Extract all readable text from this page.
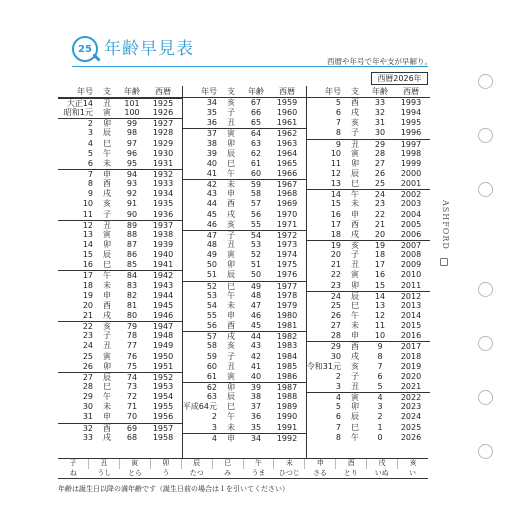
25 年齢早見表
西暦や年号で年や支が早解り。
西暦2026年
年号	支	年齢	西暦
大正14	丑	101	1925
昭和1元	寅	100	1926
2	卯	99	1927
3	辰	98	1928
4	巳	97	1929
5	午	96	1930
6	未	95	1931
7	申	94	1932
8	酉	93	1933
9	戌	92	1934
10	亥	91	1935
11	子	90	1936
12	丑	89	1937
13	寅	88	1938
14	卯	87	1939
15	辰	86	1940
16	巳	85	1941
17	午	84	1942
18	未	83	1943
19	申	82	1944
20	酉	81	1945
21	戌	80	1946
22	亥	79	1947
23	子	78	1948
24	丑	77	1949
25	寅	76	1950
26	卯	75	1951
27	辰	74	1952
28	巳	73	1953
29	午	72	1954
30	未	71	1955
31	申	70	1956
32	酉	69	1957
33	戌	68	1958
年号	支	年齢	西暦
34	亥	67	1959
35	子	66	1960
36	丑	65	1961
37	寅	64	1962
38	卯	63	1963
39	辰	62	1964
40	巳	61	1965
41	午	60	1966
42	未	59	1967
43	申	58	1968
44	酉	57	1969
45	戌	56	1970
46	亥	55	1971
47	子	54	1972
48	丑	53	1973
49	寅	52	1974
50	卯	51	1975
51	辰	50	1976
52	巳	49	1977
53	午	48	1978
54	未	47	1979
55	申	46	1980
56	酉	45	1981
57	戌	44	1982
58	亥	43	1983
59	子	42	1984
60	丑	41	1985
61	寅	40	1986
62	卯	39	1987
63	辰	38	1988
平成64元	巳	37	1989
2	午	36	1990
3	未	35	1991
4	申	34	1992
年号	支	年齢	西暦
5	酉	33	1993
6	戌	32	1994
7	亥	31	1995
8	子	30	1996
9	丑	29	1997
10	寅	28	1998
11	卯	27	1999
12	辰	26	2000
13	巳	25	2001
14	午	24	2002
15	未	23	2003
16	申	22	2004
17	酉	21	2005
18	戌	20	2006
19	亥	19	2007
20	子	18	2008
21	丑	17	2009
22	寅	16	2010
23	卯	15	2011
24	辰	14	2012
25	巳	13	2013
26	午	12	2014
27	未	11	2015
28	申	10	2016
29	酉	9	2017
30	戌	8	2018
令和31元	亥	7	2019
2	子	6	2020
3	丑	5	2021
4	寅	4	2022
5	卯	3	2023
6	辰	2	2024
7	巳	1	2025
8	午	0	2026
子	丑	寅	卯	辰	巳	午	未	申	酉	戌	亥
ね	うし	とら	う	たつ	み	うま	ひつじ	さる	とり	いぬ	い
年齢は誕生日以降の満年齢です（誕生日前の場合は１を引いてください）
ASHFORD
